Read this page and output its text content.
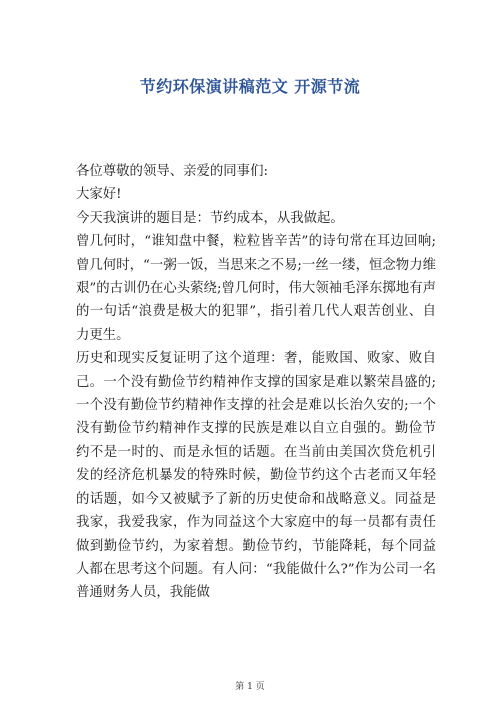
节约环保演讲稿范文 开源节流

各位尊敬的领导、亲爱的同事们:

大家好!

今天我演讲的题目是：节约成本，从我做起。

曾几何时，“谁知盘中餐，粒粒皆辛苦”的诗句常在耳边回响;曾几何时，“一粥一饭，当思来之不易;一丝一缕，恒念物力维艰”的古训仍在心头萦绕;曾几何时，伟大领袖毛泽东掷地有声的一句话“浪费是极大的犯罪”，指引着几代人艰苦创业、自力更生。

历史和现实反复证明了这个道理：奢，能败国、败家、败自己。一个没有勤俭节约精神作支撑的国家是难以繁荣昌盛的;一个没有勤俭节约精神作支撑的社会是难以长治久安的;一个没有勤俭节约精神作支撑的民族是难以自立自强的。勤俭节约不是一时的、而是永恒的话题。在当前由美国次贷危机引发的经济危机暴发的特殊时候，勤俭节约这个古老而又年轻的话题，如今又被赋予了新的历史使命和战略意义。同益是我家，我爱我家，作为同益这个大家庭中的每一员都有责任做到勤俭节约，为家着想。勤俭节约，节能降耗，每个同益人都在思考这个问题。有人问：“我能做什么?”作为公司一名普通财务人员，我能做

第 1 页
